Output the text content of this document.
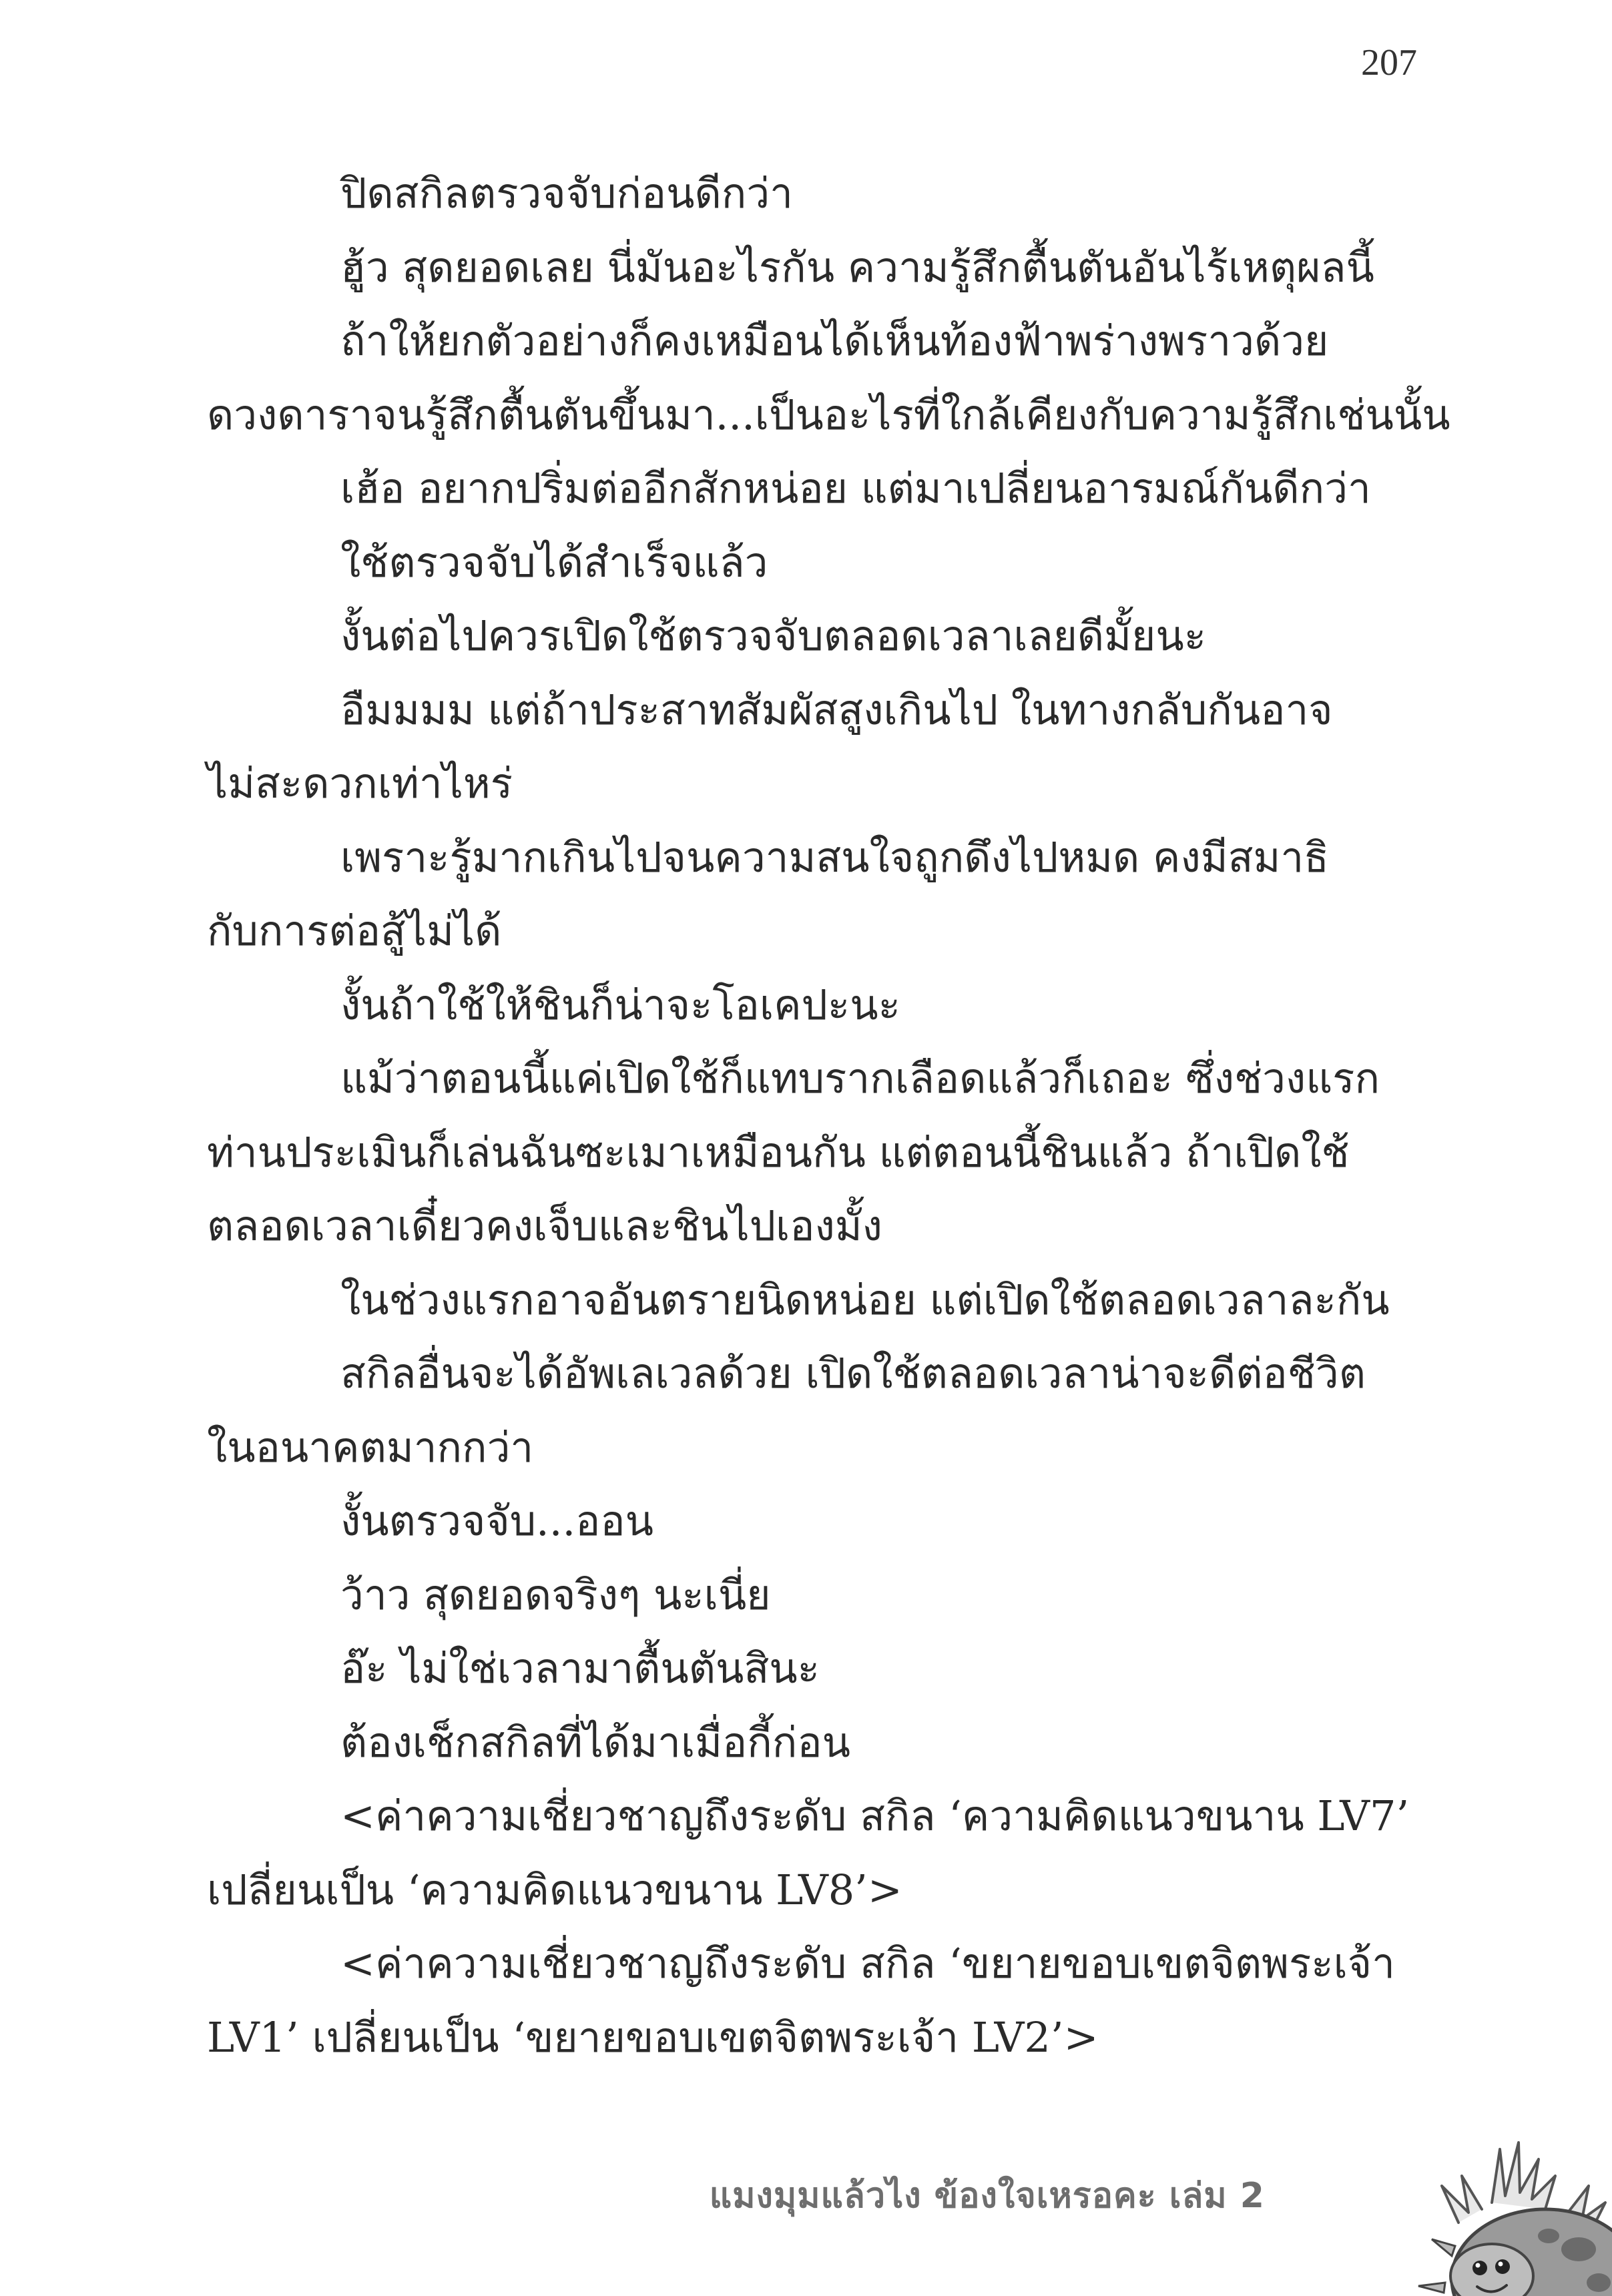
207
ปิดสกิลตรวจจับก่อนดีกว่า
ฮู้ว สุดยอดเลย นี่มันอะไรกัน ความรู้สึกตื้นตันอันไร้เหตุผลนี้
ถ้าให้ยกตัวอย่างก็คงเหมือนได้เห็นท้องฟ้าพร่างพราวด้วย
ดวงดาราจนรู้สึกตื้นตันขึ้นมา...เป็นอะไรที่ใกล้เคียงกับความรู้สึกเช่นนั้น
เฮ้อ อยากปริ่มต่ออีกสักหน่อย แต่มาเปลี่ยนอารมณ์กันดีกว่า
ใช้ตรวจจับได้สำเร็จแล้ว
งั้นต่อไปควรเปิดใช้ตรวจจับตลอดเวลาเลยดีมั้ยนะ
อืมมมม แต่ถ้าประสาทสัมผัสสูงเกินไป ในทางกลับกันอาจ
ไม่สะดวกเท่าไหร่
เพราะรู้มากเกินไปจนความสนใจถูกดึงไปหมด คงมีสมาธิ
กับการต่อสู้ไม่ได้
งั้นถ้าใช้ให้ชินก็น่าจะโอเคปะนะ
แม้ว่าตอนนี้แค่เปิดใช้ก็แทบรากเลือดแล้วก็เถอะ ซึ่งช่วงแรก
ท่านประเมินก็เล่นฉันซะเมาเหมือนกัน แต่ตอนนี้ชินแล้ว ถ้าเปิดใช้
ตลอดเวลาเดี๋ยวคงเจ็บและชินไปเองมั้ง
ในช่วงแรกอาจอันตรายนิดหน่อย แต่เปิดใช้ตลอดเวลาละกัน
สกิลอื่นจะได้อัพเลเวลด้วย เปิดใช้ตลอดเวลาน่าจะดีต่อชีวิต
ในอนาคตมากกว่า
งั้นตรวจจับ...ออน
ว้าว สุดยอดจริงๆ นะเนี่ย
อ๊ะ ไม่ใช่เวลามาตื้นตันสินะ
ต้องเช็กสกิลที่ได้มาเมื่อกี้ก่อน
<ค่าความเชี่ยวชาญถึงระดับ สกิล ‘ความคิดแนวขนาน LV7’
เปลี่ยนเป็น ‘ความคิดแนวขนาน LV8’>
<ค่าความเชี่ยวชาญถึงระดับ สกิล ‘ขยายขอบเขตจิตพระเจ้า
LV1’ เปลี่ยนเป็น ‘ขยายขอบเขตจิตพระเจ้า LV2’>
แมงมุมแล้วไง ข้องใจเหรอคะ เล่ม 2
